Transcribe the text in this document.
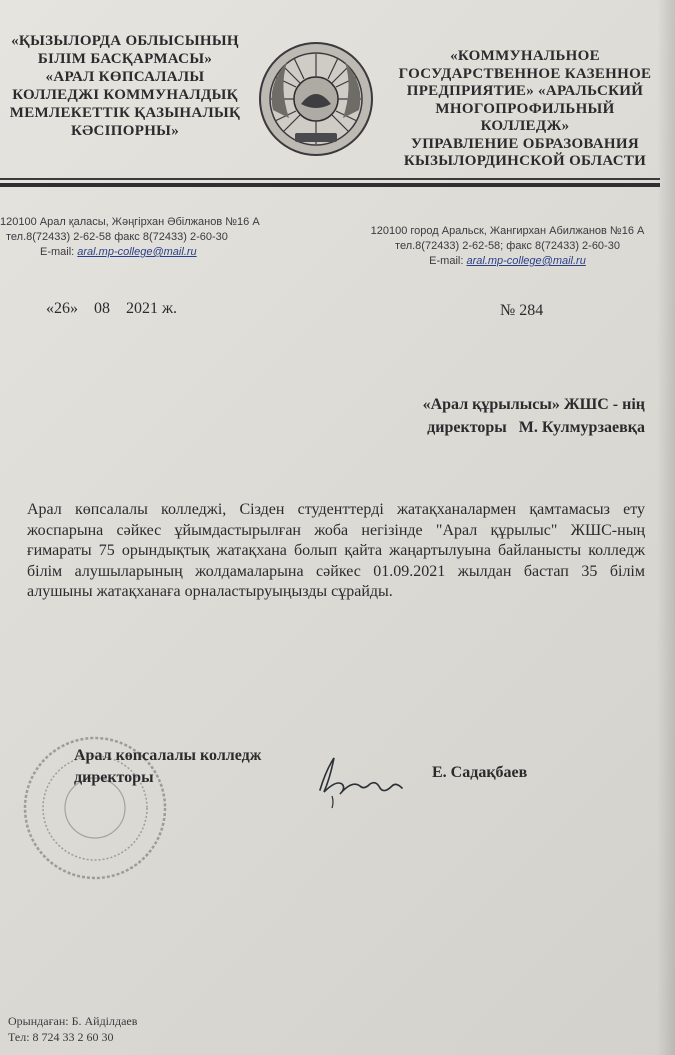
«ҚЫЗЫЛОРДА ОБЛЫСЫНЫҢ
БІЛІМ БАСҚАРМАСЫ»
«АРАЛ КӨПСАЛАЛЫ
КОЛЛЕДЖІ КОММУНАЛДЫҚ
МЕМЛЕКЕТТІК ҚАЗЫНАЛЫҚ
КӘСІПОРНЫ»
«КОММУНАЛЬНОЕ
ГОСУДАРСТВЕННОЕ КАЗЕННОЕ
ПРЕДПРИЯТИЕ» «АРАЛЬСКИЙ
МНОГОПРОФИЛЬНЫЙ
КОЛЛЕДЖ»
УПРАВЛЕНИЕ ОБРАЗОВАНИЯ
КЫЗЫЛОРДИНСКОЙ ОБЛАСТИ
120100 Арал қаласы, Жәңгірхан Әбілжанов №16 А
тел.8(72433) 2-62-58 факс 8(72433) 2-60-30
E-mail: aral.mp-college@mail.ru
120100 город Аральск, Жангирхан Абилжанов №16 А
тел.8(72433) 2-62-58; факс 8(72433) 2-60-30
E-mail: aral.mp-college@mail.ru
«26»    08    2021 ж.	№ 284
«Арал құрылысы» ЖШС - нің
директоры   М. Кулмурзаевқа
Арал көпсалалы колледжі, Сізден студенттерді жатақханалармен қамтамасыз ету жоспарына сәйкес ұйымдастырылған жоба негізінде "Арал құрылыс" ЖШС-ның ғимараты 75 орындықтық жатақхана болып қайта жаңартылуына байланысты колледж білім алушыларының жолдамаларына сәйкес 01.09.2021 жылдан бастап 35 білім алушыны жатақханаға орналастыруыңызды сұрайды.
Арал көпсалалы колледж
директоры	Е. Садақбаев
Орындаған: Б. Айділдаев
Тел: 8 724 33 2 60 30
